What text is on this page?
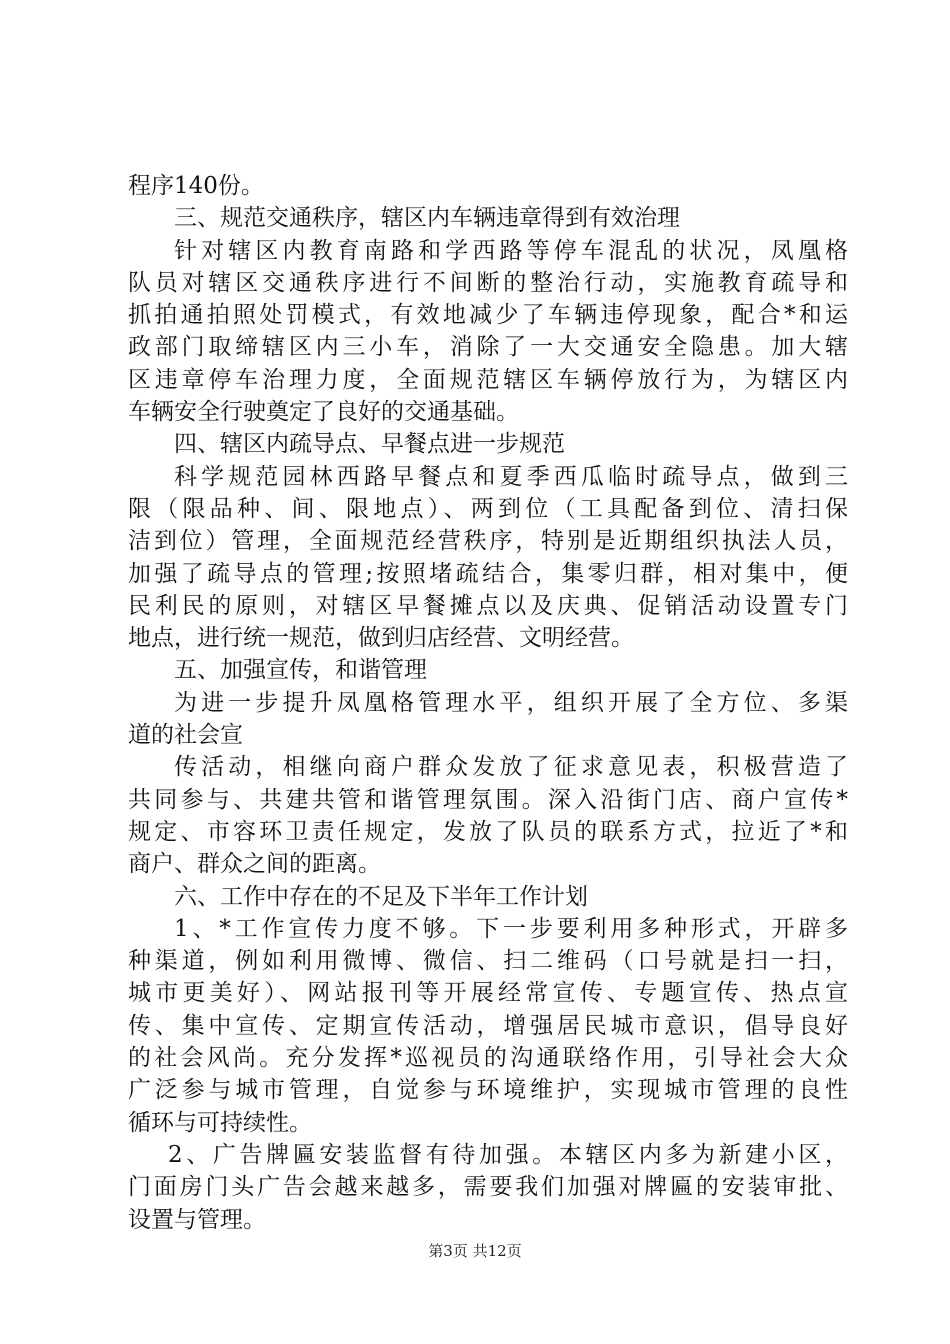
程序140份。
三、规范交通秩序，辖区内车辆违章得到有效治理
针对辖区内教育南路和学西路等停车混乱的状况，凤凰格
队员对辖区交通秩序进行不间断的整治行动，实施教育疏导和
抓拍通拍照处罚模式，有效地减少了车辆违停现象，配合*和运
政部门取缔辖区内三小车，消除了一大交通安全隐患。加大辖
区违章停车治理力度，全面规范辖区车辆停放行为，为辖区内
车辆安全行驶奠定了良好的交通基础。
四、辖区内疏导点、早餐点进一步规范
科学规范园林西路早餐点和夏季西瓜临时疏导点，做到三
限（限品种、间、限地点）、两到位（工具配备到位、清扫保
洁到位）管理，全面规范经营秩序，特别是近期组织执法人员，
加强了疏导点的管理;按照堵疏结合，集零归群，相对集中，便
民利民的原则，对辖区早餐摊点以及庆典、促销活动设置专门
地点，进行统一规范，做到归店经营、文明经营。
五、加强宣传，和谐管理
为进一步提升凤凰格管理水平，组织开展了全方位、多渠
道的社会宣
传活动，相继向商户群众发放了征求意见表，积极营造了
共同参与、共建共管和谐管理氛围。深入沿街门店、商户宣传*
规定、市容环卫责任规定，发放了队员的联系方式，拉近了*和
商户、群众之间的距离。
六、工作中存在的不足及下半年工作计划
1、*工作宣传力度不够。下一步要利用多种形式，开辟多
种渠道，例如利用微博、微信、扫二维码（口号就是扫一扫，
城市更美好）、网站报刊等开展经常宣传、专题宣传、热点宣
传、集中宣传、定期宣传活动，增强居民城市意识，倡导良好
的社会风尚。充分发挥*巡视员的沟通联络作用，引导社会大众
广泛参与城市管理，自觉参与环境维护，实现城市管理的良性
循环与可持续性。
2、广告牌匾安装监督有待加强。本辖区内多为新建小区，
门面房门头广告会越来越多，需要我们加强对牌匾的安装审批、
设置与管理。
第3页 共12页
